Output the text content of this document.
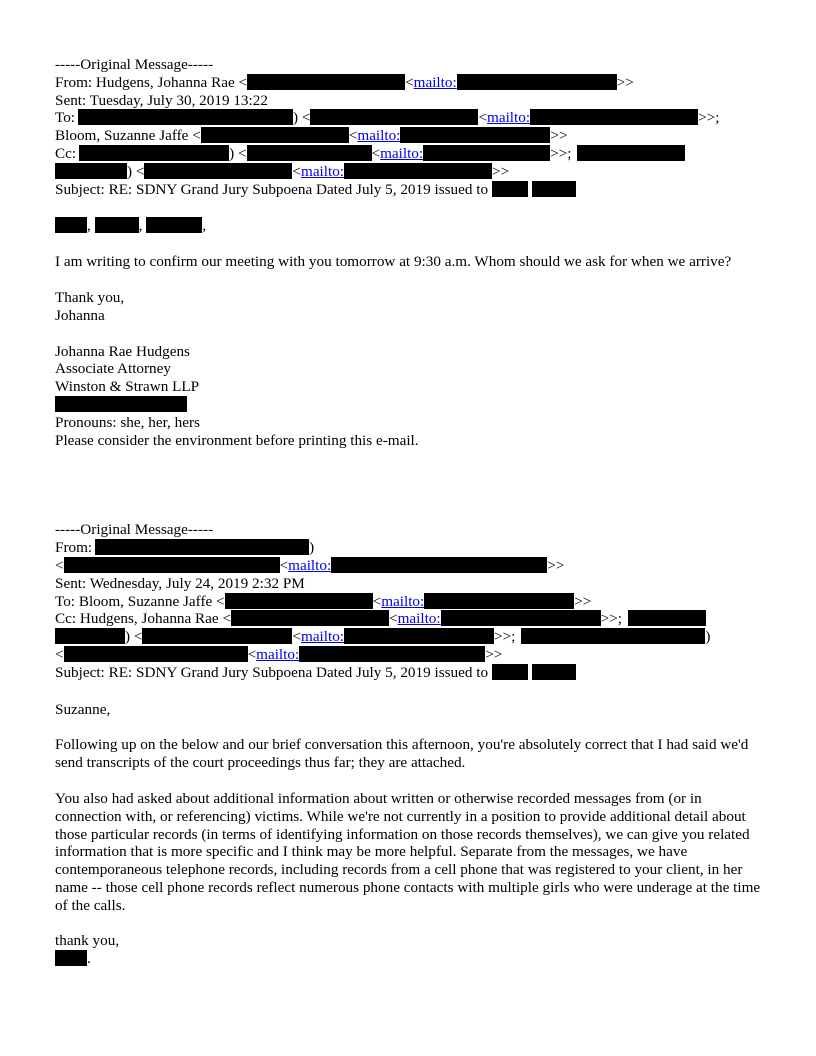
-----Original Message-----
From: Hudgens, Johanna Rae <	<mailto:	>>
Sent: Tuesday, July 30, 2019 13:22
To:	) <	<mailto:	>>;
Bloom, Suzanne Jaffe <	<mailto:	>>
Cc:	) <	<mailto:	>>;
) <	<mailto:	>>
Subject: RE: SDNY Grand Jury Subpoena Dated July 5, 2019 issued to
,	,	,
I am writing to confirm our meeting with you tomorrow at 9:30 a.m. Whom should we ask for when we arrive?
Thank you,
Johanna
Johanna Rae Hudgens
Associate Attorney
Winston & Strawn LLP
Pronouns: she, her, hers
Please consider the environment before printing this e-mail.
-----Original Message-----
From:	)
<	<mailto:	>>
Sent: Wednesday, July 24, 2019 2:32 PM
To: Bloom, Suzanne Jaffe <	<mailto:	>>
Cc: Hudgens, Johanna Rae <	<mailto:	>>;
) <	<mailto:	>>;	)
<	<mailto:	>>
Subject: RE: SDNY Grand Jury Subpoena Dated July 5, 2019 issued to
Suzanne,
Following up on the below and our brief conversation this afternoon, you're absolutely correct that I had said we'd send transcripts of the court proceedings thus far; they are attached.
You also had asked about additional information about written or otherwise recorded messages from (or in connection with, or referencing) victims. While we're not currently in a position to provide additional detail about those particular records (in terms of identifying information on those records themselves), we can give you related information that is more specific and I think may be more helpful. Separate from the messages, we have contemporaneous telephone records, including records from a cell phone that was registered to your client, in her name -- those cell phone records reflect numerous phone contacts with multiple girls who were underage at the time of the calls.
thank you,
.
